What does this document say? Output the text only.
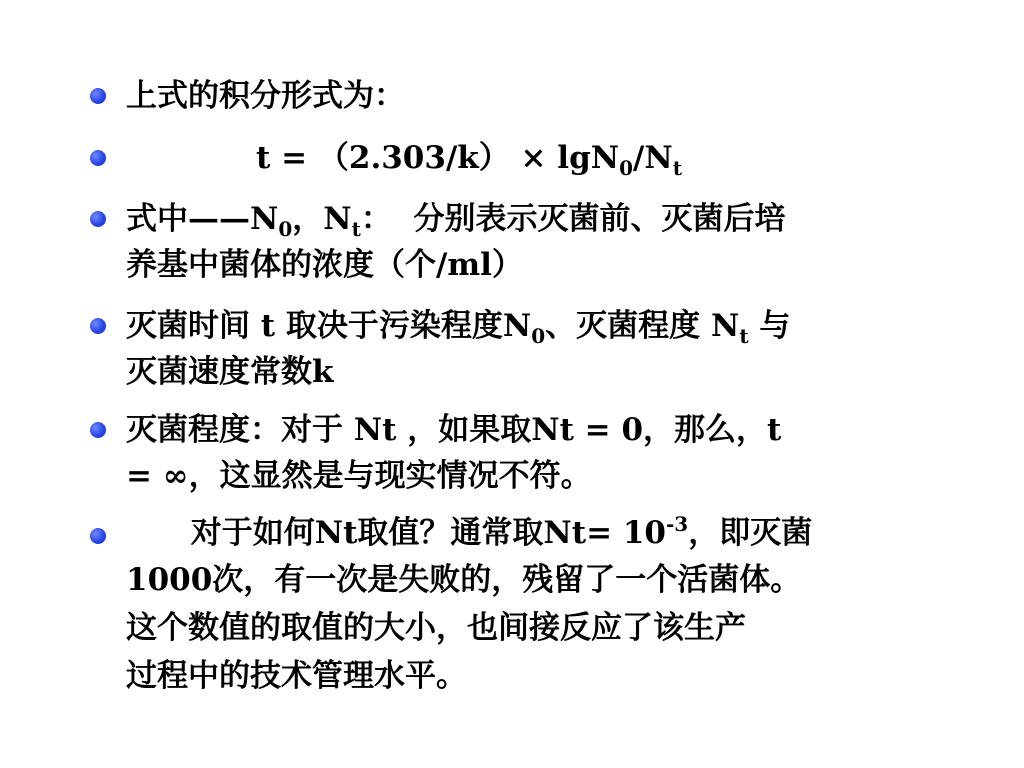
上式的积分形式为：
$t = (2.303/k) \times \lg N_0/N_t$
式中$——N_0$，$N_t$：  分别表示灭菌前、灭菌后培
养基中菌体的浓度（个/ml）
灭菌时间 t 取决于污染程度$N_0$、灭菌程度 $N_t$ 与
灭菌速度常数k
灭菌程度：对于 Nt ，如果取Nt = 0，那么，t
= ∞，这显然是与现实情况不符。
对于如何Nt取值？通常取$Nt= 10^{-3}$，即灭菌
1000次，有一次是失败的，残留了一个活菌体。
这个数值的取值的大小，也间接反应了该生产
过程中的技术管理水平。
